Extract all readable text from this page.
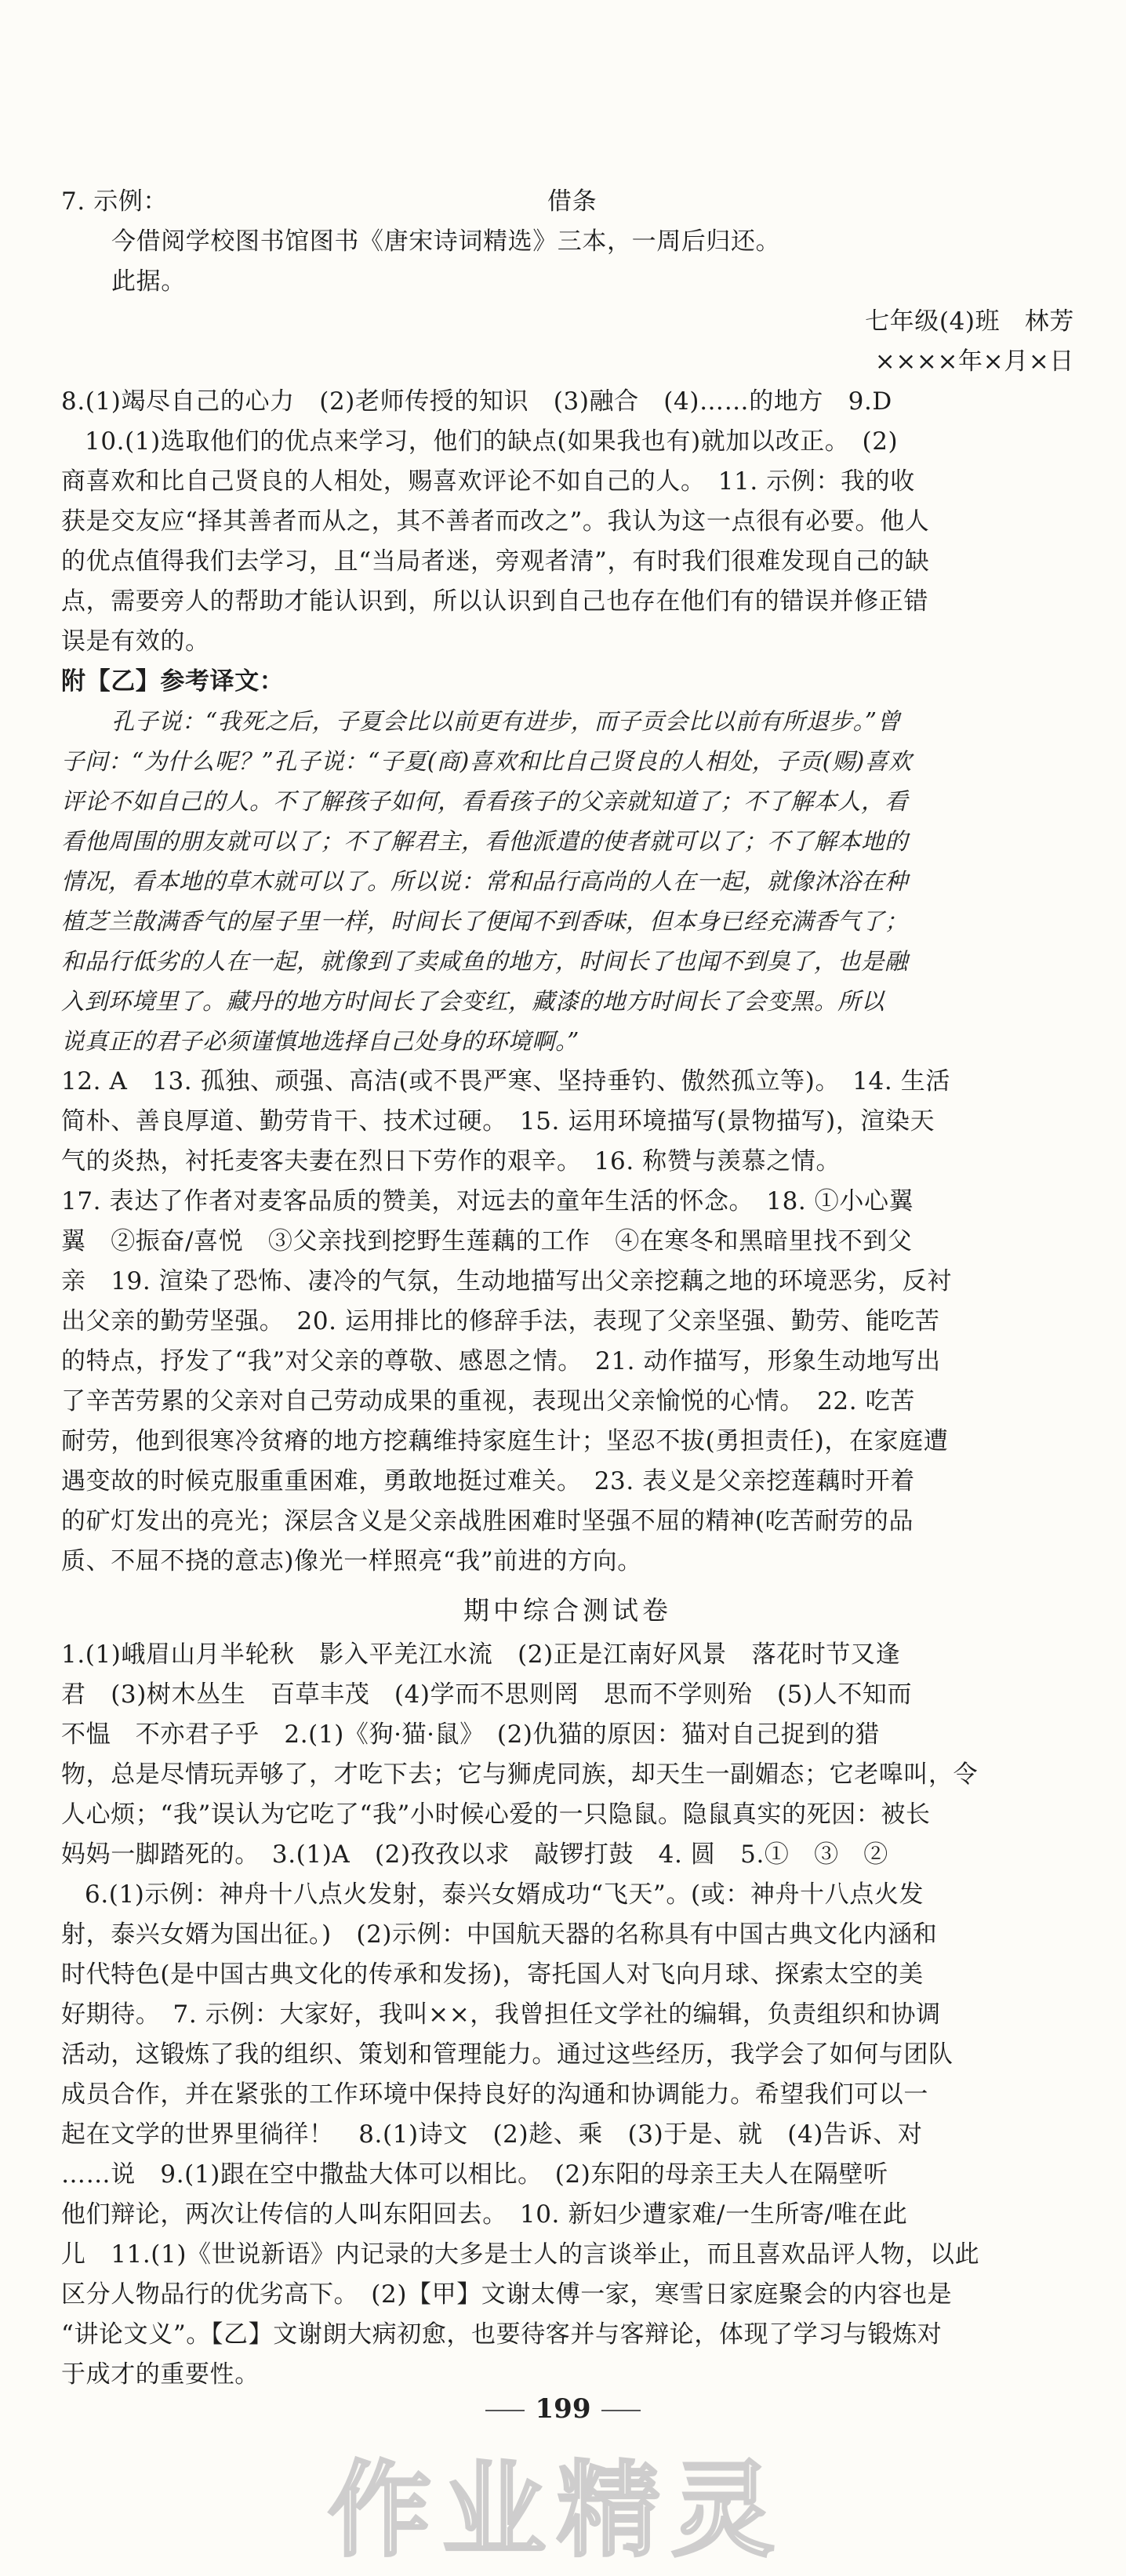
7. 示例：	借条
今借阅学校图书馆图书《唐宋诗词精选》三本，一周后归还。
此据。
七年级(4)班　林芳
××××年×月×日
8.(1)竭尽自己的心力　(2)老师传授的知识　(3)融合　(4)……的地方　9.D
10.(1)选取他们的优点来学习，他们的缺点(如果我也有)就加以改正。　(2)
商喜欢和比自己贤良的人相处，赐喜欢评论不如自己的人。　11. 示例：我的收
获是交友应“择其善者而从之，其不善者而改之”。我认为这一点很有必要。他人
的优点值得我们去学习，且“当局者迷，旁观者清”，有时我们很难发现自己的缺
点，需要旁人的帮助才能认识到，所以认识到自己也存在他们有的错误并修正错
误是有效的。
附【乙】参考译文：
孔子说：“我死之后，子夏会比以前更有进步，而子贡会比以前有所退步。”曾
子问：“为什么呢？”孔子说：“子夏(商)喜欢和比自己贤良的人相处，子贡(赐)喜欢
评论不如自己的人。不了解孩子如何，看看孩子的父亲就知道了；不了解本人，看
看他周围的朋友就可以了；不了解君主，看他派遣的使者就可以了；不了解本地的
情况，看本地的草木就可以了。所以说：常和品行高尚的人在一起，就像沐浴在种
植芝兰散满香气的屋子里一样，时间长了便闻不到香味，但本身已经充满香气了；
和品行低劣的人在一起，就像到了卖咸鱼的地方，时间长了也闻不到臭了，也是融
入到环境里了。藏丹的地方时间长了会变红，藏漆的地方时间长了会变黑。所以
说真正的君子必须谨慎地选择自己处身的环境啊。”
12. A　13. 孤独、顽强、高洁(或不畏严寒、坚持垂钓、傲然孤立等)。　14. 生活
简朴、善良厚道、勤劳肯干、技术过硬。　15. 运用环境描写(景物描写)，渲染天
气的炎热，衬托麦客夫妻在烈日下劳作的艰辛。　16. 称赞与羡慕之情。
17. 表达了作者对麦客品质的赞美，对远去的童年生活的怀念。　18. ①小心翼
翼　②振奋/喜悦　③父亲找到挖野生莲藕的工作　④在寒冬和黑暗里找不到父
亲　19. 渲染了恐怖、凄冷的气氛，生动地描写出父亲挖藕之地的环境恶劣，反衬
出父亲的勤劳坚强。　20. 运用排比的修辞手法，表现了父亲坚强、勤劳、能吃苦
的特点，抒发了“我”对父亲的尊敬、感恩之情。　21. 动作描写，形象生动地写出
了辛苦劳累的父亲对自己劳动成果的重视，表现出父亲愉悦的心情。　22. 吃苦
耐劳，他到很寒冷贫瘠的地方挖藕维持家庭生计；坚忍不拔(勇担责任)，在家庭遭
遇变故的时候克服重重困难，勇敢地挺过难关。　23. 表义是父亲挖莲藕时开着
的矿灯发出的亮光；深层含义是父亲战胜困难时坚强不屈的精神(吃苦耐劳的品
质、不屈不挠的意志)像光一样照亮“我”前进的方向。
期中综合测试卷
1.(1)峨眉山月半轮秋　影入平羌江水流　(2)正是江南好风景　落花时节又逢
君　(3)树木丛生　百草丰茂　(4)学而不思则罔　思而不学则殆　(5)人不知而
不愠　不亦君子乎　2.(1)《狗·猫·鼠》　(2)仇猫的原因：猫对自己捉到的猎
物，总是尽情玩弄够了，才吃下去；它与狮虎同族，却天生一副媚态；它老嗥叫，令
人心烦；“我”误认为它吃了“我”小时候心爱的一只隐鼠。隐鼠真实的死因：被长
妈妈一脚踏死的。　3.(1)A　(2)孜孜以求　敲锣打鼓　4. 圆　5.①　③　②
6.(1)示例：神舟十八点火发射，泰兴女婿成功“飞天”。(或：神舟十八点火发
射，泰兴女婿为国出征。)　(2)示例：中国航天器的名称具有中国古典文化内涵和
时代特色(是中国古典文化的传承和发扬)，寄托国人对飞向月球、探索太空的美
好期待。　7. 示例：大家好，我叫××，我曾担任文学社的编辑，负责组织和协调
活动，这锻炼了我的组织、策划和管理能力。通过这些经历，我学会了如何与团队
成员合作，并在紧张的工作环境中保持良好的沟通和协调能力。希望我们可以一
起在文学的世界里徜徉！　8.(1)诗文　(2)趁、乘　(3)于是、就　(4)告诉、对
……说　9.(1)跟在空中撒盐大体可以相比。　(2)东阳的母亲王夫人在隔壁听
他们辩论，两次让传信的人叫东阳回去。　10. 新妇少遭家难/一生所寄/唯在此
儿　11.(1)《世说新语》内记录的大多是士人的言谈举止，而且喜欢品评人物，以此
区分人物品行的优劣高下。　(2)【甲】文谢太傅一家，寒雪日家庭聚会的内容也是
“讲论文义”。【乙】文谢朗大病初愈，也要待客并与客辩论，体现了学习与锻炼对
于成才的重要性。
199
作业精灵
